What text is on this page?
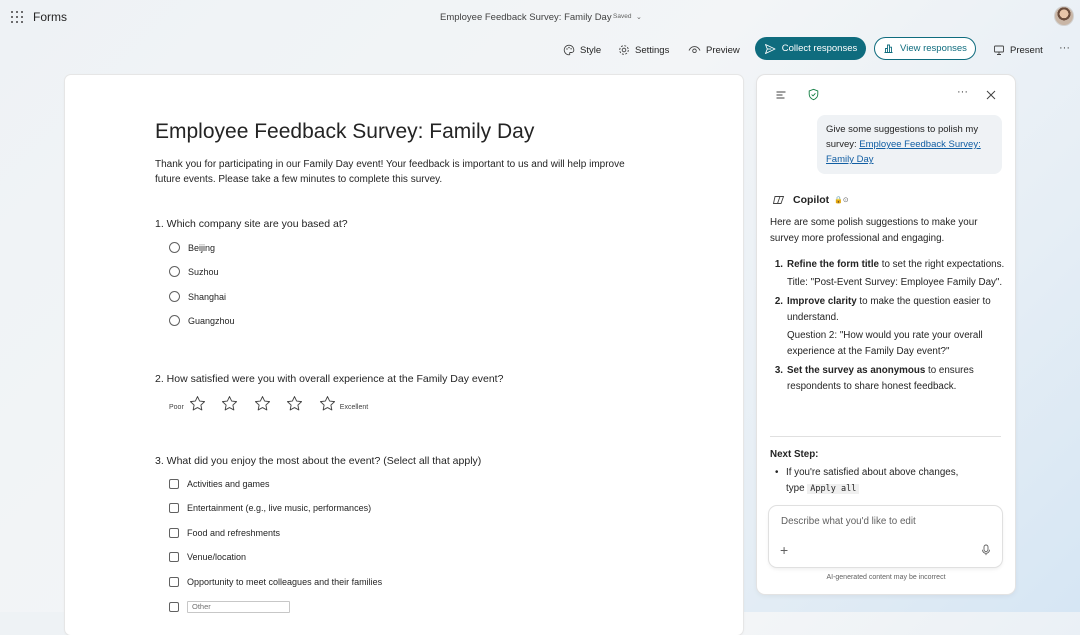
Forms	Employee Feedback Survey: Family Day Saved ⌄
Style	Settings	Preview	Collect responses	View responses	Present ···
Employee Feedback Survey: Family Day
Thank you for participating in our Family Day event! Your feedback is important to us and will help improve future events. Please take a few minutes to complete this survey.
1. Which company site are you based at?
Beijing
Suzhou
Shanghai
Guangzhou
2. How satisfied were you with overall experience at the Family Day event?
Poor	Excellent
3. What did you enjoy the most about the event? (Select all that apply)
Activities and games
Entertainment (e.g., live music, performances)
Food and refreshments
Venue/location
Opportunity to meet colleagues and their families
Other
···
Give some suggestions to polish my survey: Employee Feedback Survey: Family Day
Copilot 🔒⊙
Here are some polish suggestions to make your survey more professional and engaging.
1. Refine the form title to set the right expectations.
Title: "Post-Event Survey: Employee Family Day".
2. Improve clarity to make the question easier to understand.
Question 2: "How would you rate your overall experience at the Family Day event?"
3. Set the survey as anonymous to ensures respondents to share honest feedback.
Next Step:
• If you're satisfied about above changes,
type Apply all
Describe what you'd like to edit
+
AI-generated content may be incorrect
